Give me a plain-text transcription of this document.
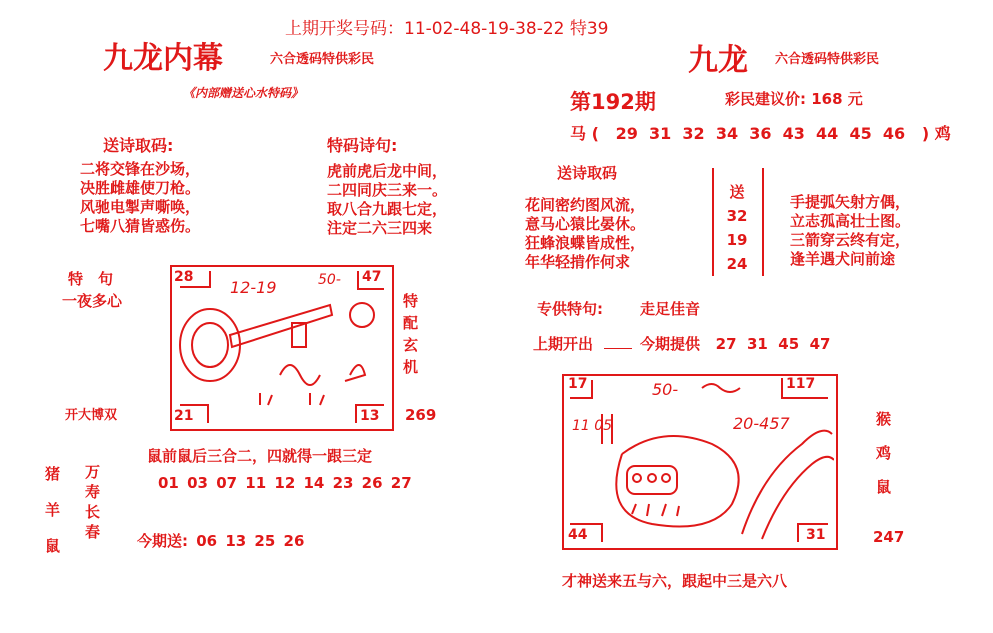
上期开奖号码：11-02-48-19-38-22 特39
九龙内幕	六合透码特供彩民
《内部赠送心水特码》
送诗取码:
二将交锋在沙场，
决胜雌雄使刀枪。
风驰电掣声嘶唤，
七嘴八猜皆惑伤。
特码诗句:
虎前虎后龙中间，
二四同庆三来一。
取八合九跟七定，
注定二六三四来
特　句
一夜多心
开大博双
28	47
21	13
12-19	50-
特
配
玄
机
269
鼠前鼠后三合二，四就得一跟三定
01 03 07 11 12 14 23 26 27
猪
羊
鼠
万
寿
长
春 今期送: 06 13 25 26
九龙 六合透码特供彩民
第192期	彩民建议价: 168 元
马 (   29  31  32  34  36  43  44  45  46   ) 鸡
送诗取码
花间密约图风流，
意马心猿比晏休。
狂蜂浪蝶皆成性，
年华轻掯作何求
送
32
19
24
手提弧矢射方偶，
立志孤高壮士图。
三箭穿云终有定，
逢羊遇犬问前途
专供特句: 走足佳音
上期开出	今期提供   27  31  45  47
17	117
44	31
50-
20-457
11 05	猴
鸡
鼠
247
才神送来五与六，跟起中三是六八
